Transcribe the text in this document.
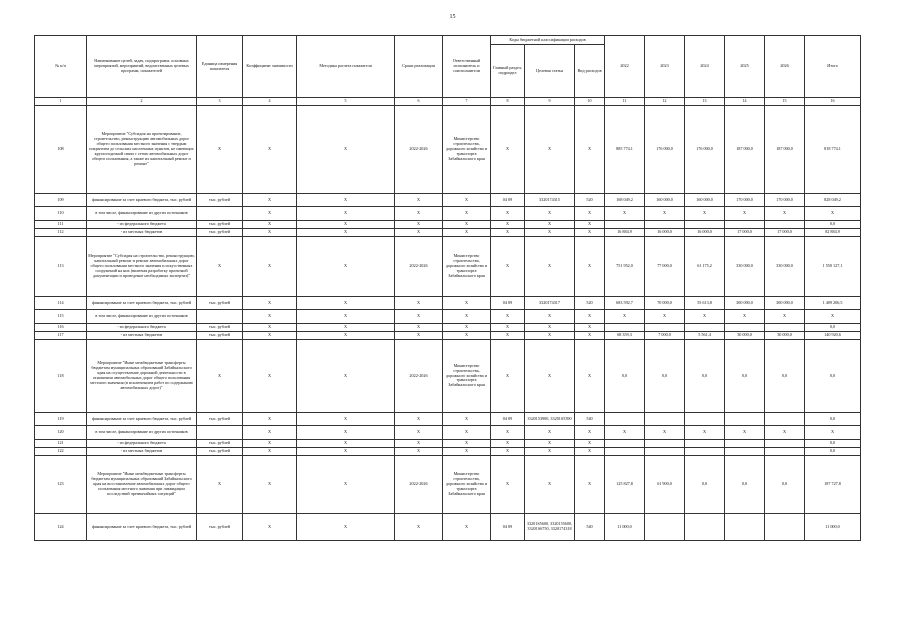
15
№ п/п	Наименование целей, задач, подпрограмм, основных мероприятий, мероприятий, ведомственных целевых программ, показателей	Единица измерения показателя	Коэффициент значимости	Методика расчета показателя	Сроки реализации	Ответственный исполнитель и соисполнители	Коды бюджетной классификации расходов			2022	2023	2024	2025	2026	Итого
							Главный раздел, подраздел	Целевая статья	Вид расходов						
1	2	3	4	5	6	7	8	9	10	11	12	13	14	15	16
108	Мероприятие "Субсидия на проектирование, строительство, реконструкцию автомобильных дорог общего пользования местного значения с твердым покрытием до сельских населенных пунктов, не имеющих круглогодичной связи с сетью автомобильных дорог общего пользования, а также их капитальный ремонт и ремонт"	Х	Х	Х	2022-2026	Министерство строительства, дорожного хозяйства и транспорта Забайкальского края	Х	Х	Х	885 774,1	176 000,0	176 000,0	187 000,0	187 000,0	818 774,1
109	финансирование за счет краевого бюджета, тыс. рублей	тыс. рублей	Х	Х	Х	Х	04 09	3320174315	520	168 049,2	160 000,0	160 000,0	170 000,0	170 000,0	828 049,2
110	в том числе, финансирование из других источников		Х	Х	Х	Х	Х	Х	Х	Х	Х	Х	Х	Х	Х
111	- из федерального бюджета	тыс. рублей	Х	Х	Х	Х	Х	Х	Х						0,0
112	- из местных бюджетов	тыс. рублей	Х	Х	Х	Х	Х	Х	Х	16 884,9	16 000,0	16 000,0	17 000,0	17 000,0	82 884,9
113	Мероприятие "Субсидия на строительство, реконструкцию, капитальный ремонт и ремонт автомобильных дорог общего пользования местного значения и искусственных сооружений на них (включая разработку проектной документации и проведение необходимых экспертиз)"	Х	Х	Х	2022-2026	Министерство строительства, дорожного хозяйства и транспорта Забайкальского края	Х	Х	Х	751 952,0	77 000,0	61 175,2	330 000,0	330 000,0	1 550 127,1
114	финансирование за счет краевого бюджета, тыс. рублей	тыс. рублей	Х	Х	Х	Х	04 09	3320174317	520	683 592,7	70 000,0	55 613,8	300 000,0	300 000,0	1 409 206,5
115	в том числе, финансирование из других источников		Х	Х	Х	Х	Х	Х	Х	Х	Х	Х	Х	Х	Х
116	- из федерального бюджета	тыс. рублей	Х	Х	Х	Х	Х	Х	Х						0,0
117	- из местных бюджетов	тыс. рублей	Х	Х	Х	Х	Х	Х	Х	68 359,3	7 000,0	5 561,4	30 000,0	30 000,0	140 920,6
118	Мероприятие "Иные межбюджетные трансферты бюджетам муниципальных образований Забайкальского края на осуществление дорожной деятельности в отношении автомобильных дорог общего пользования местного значения (в исключением работ по содержанию автомобильных дорог)"	Х	Х	Х	2022-2026	Министерство строительства, дорожного хозяйства и транспорта Забайкальского края	Х	Х	Х	0,0	0,0	0,0	0,0	0,0	0,0
119	финансирование за счет краевого бюджета, тыс. рублей	тыс. рублей	Х	Х	Х	Х	04 09	3320153900, 33201S5390	540						0,0
120	в том числе, финансирование из других источников		Х	Х	Х	Х	Х	Х	Х	Х	Х	Х	Х	Х	Х
121	- из федерального бюджета	тыс. рублей	Х	Х	Х	Х	Х	Х	Х						0,0
122	- из местных бюджетов	тыс. рублей	Х	Х	Х	Х	Х	Х	Х						0,0
123	Мероприятие "Иные межбюджетные трансферты бюджетам муниципальных образований Забайкальского края на восстановление автомобильных дорог общего пользования местного значения при ликвидации последствий чрезвычайных ситуаций"	Х	Х	Х	2022-2026	Министерство строительства, дорожного хозяйства и транспорта Забайкальского края	Х	Х	Х	125 827,8	61 900,0	0,0	0,0	0,0	187 727,8
124	финансирование за счет краевого бюджета, тыс. рублей	тыс. рублей	Х	Х	Х	Х	04 09	33201S5600, 3320155600, 33201S6750, 3320174318	540	11 000,0					11 000,0
